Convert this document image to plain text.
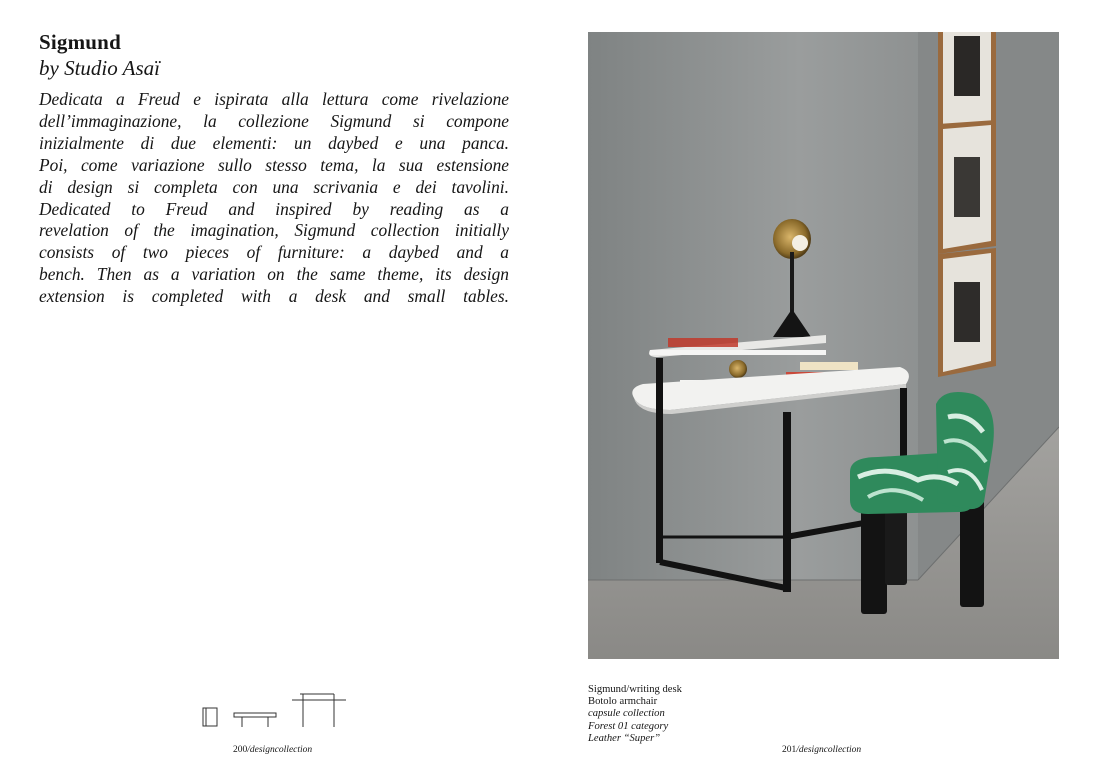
Sigmund

by Studio Asaï

Dedicata a Freud e ispirata alla lettura come rivelazione
dell’immaginazione, la collezione Sigmund si compone
inizialmente di due elementi: un daybed e una panca.
Poi, come variazione sullo stesso tema, la sua estensione
di design si completa con una scrivania e dei tavolini.
Dedicated to Freud and inspired by reading as a
revelation of the imagination, Sigmund collection initially
consists of two pieces of furniture: a daybed and a
bench. Then as a variation on the same theme, its design
extension is completed with a desk and small tables.

Sigmund/writing desk
Botolo armchair
capsule collection
Forest 01 category
Leather “Super”
200/designcollection	201/designcollection
